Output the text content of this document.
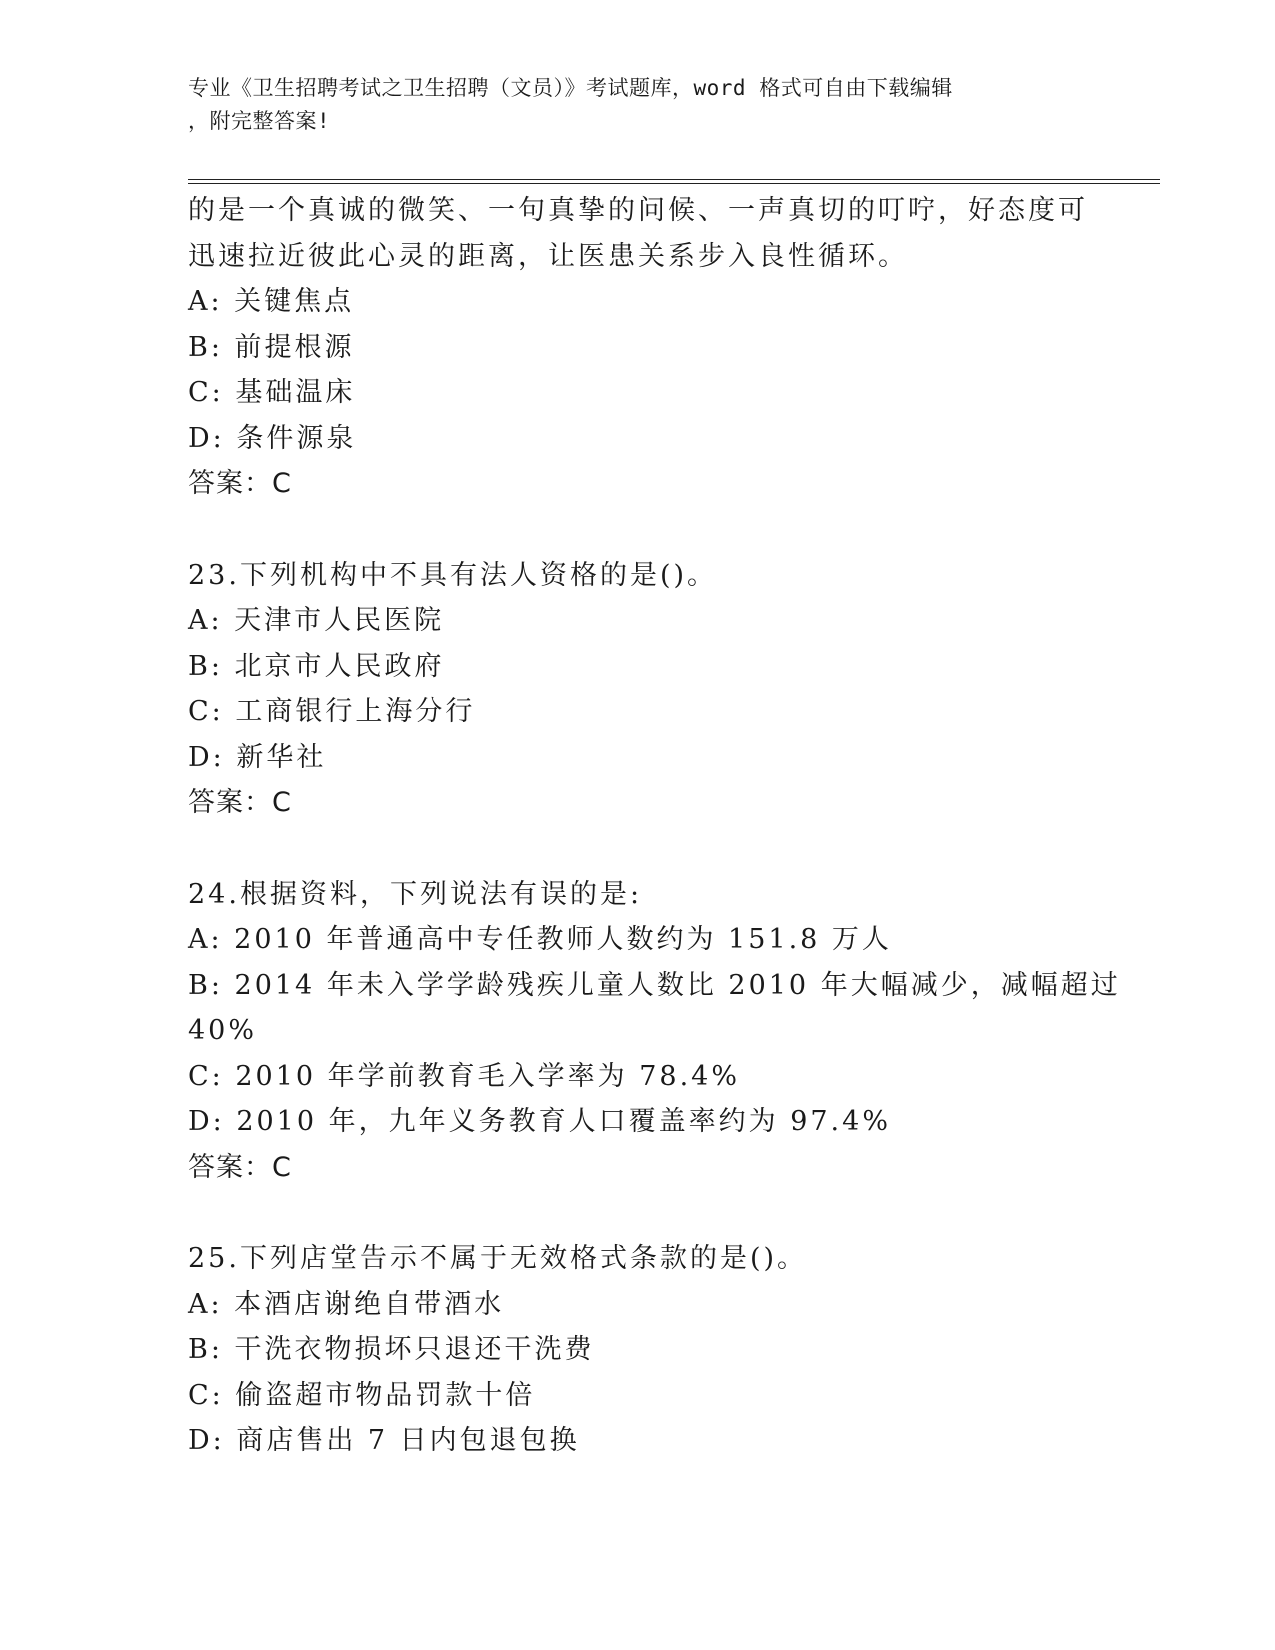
专业《卫生招聘考试之卫生招聘（文员）》考试题库，word 格式可自由下载编辑
，附完整答案!
的是一个真诚的微笑、一句真挚的问候、一声真切的叮咛，好态度可
迅速拉近彼此心灵的距离，让医患关系步入良性循环。
A: 关键焦点
B: 前提根源
C: 基础温床
D: 条件源泉
答案：C
23.下列机构中不具有法人资格的是()。
A: 天津市人民医院
B: 北京市人民政府
C: 工商银行上海分行
D: 新华社
答案：C
24.根据资料，下列说法有误的是:
A: 2010 年普通高中专任教师人数约为 151.8 万人
B: 2014 年未入学学龄残疾儿童人数比 2010 年大幅减少，减幅超过
40%
C: 2010 年学前教育毛入学率为 78.4%
D: 2010 年，九年义务教育人口覆盖率约为 97.4%
答案：C
25.下列店堂告示不属于无效格式条款的是()。
A: 本酒店谢绝自带酒水
B: 干洗衣物损坏只退还干洗费
C: 偷盗超市物品罚款十倍
D: 商店售出 7 日内包退包换
